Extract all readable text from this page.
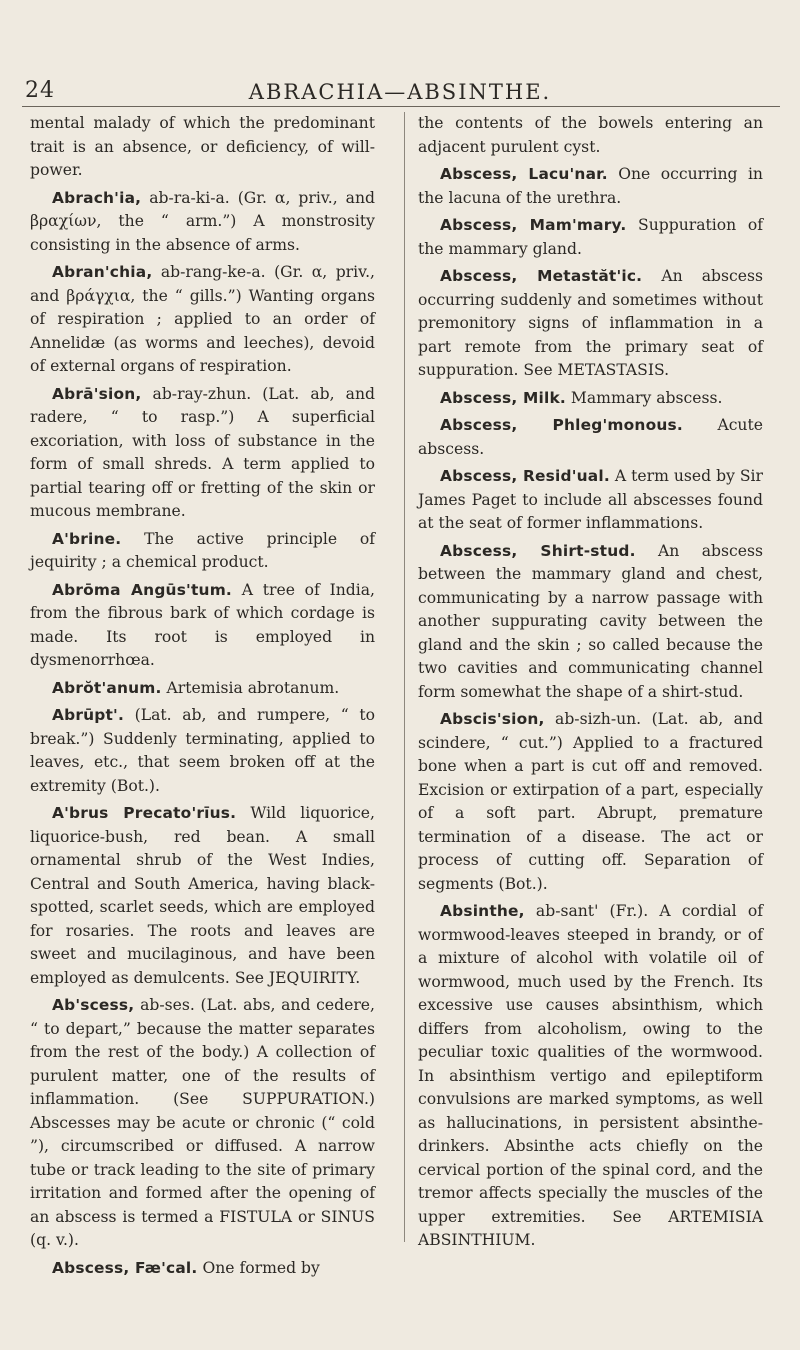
24	ABRACHIA—ABSINTHE.

mental malady of which the predominant trait is an absence, or deficiency, of will-power.

Abrach'ia, ab-ra-ki-a. (Gr. α, priv., and βραχίων, the “ arm.”) A monstrosity consisting in the absence of arms.

Abran'chia, ab-rang-ke-a. (Gr. α, priv., and βράγχια, the “ gills.”) Wanting organs of respiration ; applied to an order of Annelidæ (as worms and leeches), devoid of external organs of respiration.

Abrā'sion, ab-ray-zhun. (Lat. ab, and radere, “ to rasp.”) A superficial excoriation, with loss of substance in the form of small shreds. A term applied to partial tearing off or fretting of the skin or mucous membrane.

A'brine. The active principle of jequirity ; a chemical product.

Abrōma Angūs'tum. A tree of India, from the fibrous bark of which cordage is made. Its root is employed in dysmenorrhœa.

Abrŏt'anum. Artemisia abrotanum.

Abrūpt'. (Lat. ab, and rumpere, “ to break.”) Suddenly terminating, applied to leaves, etc., that seem broken off at the extremity (Bot.).

A'brus Precato'rīus. Wild liquorice, liquorice-bush, red bean. A small ornamental shrub of the West Indies, Central and South America, having black-spotted, scarlet seeds, which are employed for rosaries. The roots and leaves are sweet and mucilaginous, and have been employed as demulcents. See JEQUIRITY.

Ab'scess, ab-ses. (Lat. abs, and cedere, “ to depart,” because the matter separates from the rest of the body.) A collection of purulent matter, one of the results of inflammation. (See SUPPURATION.) Abscesses may be acute or chronic (“ cold ”), circumscribed or diffused. A narrow tube or track leading to the site of primary irritation and formed after the opening of an abscess is termed a FISTULA or SINUS (q. v.).

Abscess, Fæ'cal. One formed by

the contents of the bowels entering an adjacent purulent cyst.

Abscess, Lacu'nar. One occurring in the lacuna of the urethra.

Abscess, Mam'mary. Suppuration of the mammary gland.

Abscess, Metastăt'ic. An abscess occurring suddenly and sometimes without premonitory signs of inflammation in a part remote from the primary seat of suppuration. See METASTASIS.

Abscess, Milk. Mammary abscess.

Abscess, Phleg'monous. Acute abscess.

Abscess, Resid'ual. A term used by Sir James Paget to include all abscesses found at the seat of former inflammations.

Abscess, Shirt-stud. An abscess between the mammary gland and chest, communicating by a narrow passage with another suppurating cavity between the gland and the skin ; so called because the two cavities and communicating channel form somewhat the shape of a shirt-stud.

Abscis'sion, ab-sizh-un. (Lat. ab, and scindere, “ cut.”) Applied to a fractured bone when a part is cut off and removed. Excision or extirpation of a part, especially of a soft part. Abrupt, premature termination of a disease. The act or process of cutting off. Separation of segments (Bot.).

Absinthe, ab-sant' (Fr.). A cordial of wormwood-leaves steeped in brandy, or of a mixture of alcohol with volatile oil of wormwood, much used by the French. Its excessive use causes absinthism, which differs from alcoholism, owing to the peculiar toxic qualities of the wormwood. In absinthism vertigo and epileptiform convulsions are marked symptoms, as well as hallucinations, in persistent absinthe-drinkers. Absinthe acts chiefly on the cervical portion of the spinal cord, and the tremor affects specially the muscles of the upper extremities. See ARTEMISIA ABSINTHIUM.
